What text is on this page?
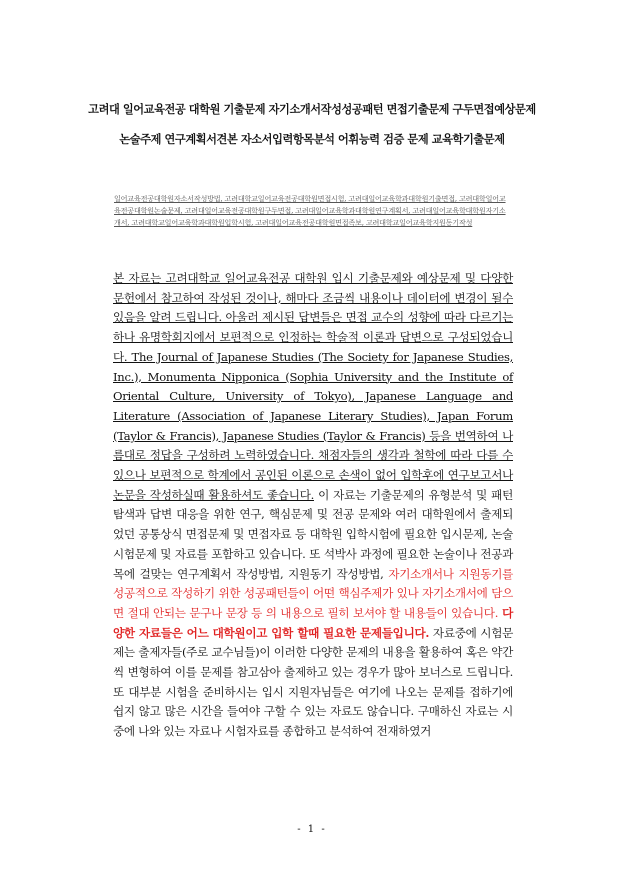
고려대 일어교육전공 대학원 기출문제 자기소개서작성성공패턴 면접기출문제 구두면접예상문제
논술주제 연구계획서견본 자소서입력항목분석 어휘능력 검증 문제 교육학기출문제
일어교육전공대학원자소서작성방법, 고려대학교일어교육전공대학원면접시험, 고려대일어교육학과대학원기출면접, 고려대학일어교육전공대학원논술문제, 고려대일어교육전공대학원구두면접, 고려대일어교육학과대학원연구계획서, 고려대일어교육학대학원자기소개서, 고려대학교일어교육학과대학원입학시험, 고려대일어교육전공대학원면접족보, 고려대학교일어교육학지원동기작성
본 자료는 고려대학교 일어교육전공 대학원 입시 기출문제와 예상문제 및 다양한 문헌에서 참고하여 작성된 것이나, 해마다 조금씩 내용이나 데이터에 변경이 될수 있음을 알려 드립니다. 아울러 제시된 답변들은 면접 교수의 성향에 따라 다르기는 하나 유명학회지에서 보편적으로 인정하는 학술적 이론과 답변으로 구성되었습니다. The Journal of Japanese Studies (The Society for Japanese Studies, Inc.), Monumenta Nipponica (Sophia University and the Institute of Oriental Culture, University of Tokyo), Japanese Language and Literature (Association of Japanese Literary Studies), Japan Forum (Taylor & Francis), Japanese Studies (Taylor & Francis) 등을 번역하여 나름대로 정답을 구성하려 노력하였습니다. 채점자들의 생각과 철학에 따라 다를 수 있으나 보편적으로 학계에서 공인된 이론으로 손색이 없어 입학후에 연구보고서나 논문을 작성하실때 활용하셔도 좋습니다. 이 자료는 기출문제의 유형분석 및 패턴탐색과 답변 대응을 위한 연구, 핵심문제 및 전공 문제와 여러 대학원에서 출제되었던 공통상식 면접문제 및 면접자료 등 대학원 입학시험에 필요한 입시문제, 논술시험문제 및 자료를 포함하고 있습니다. 또 석박사 과정에 필요한 논술이나 전공과목에 걸맞는 연구계획서 작성방법, 지원동기 작성방법, 자기소개서나 지원동기를 성공적으로 작성하기 위한 성공패턴들이 어떤 핵심주제가 있나 자기소개서에 담으면 절대 안되는 문구나 문장 등 의 내용으로 필히 보셔야 할 내용들이 있습니다. 다양한 자료들은 어느 대학원이고 입학 할때 필요한 문제들입니다. 자료중에 시험문제는 출제자들(주로 교수님들)이 이러한 다양한 문제의 내용을 활용하여 혹은 약간씩 변형하여 이를 문제를 참고삼아 출제하고 있는 경우가 많아 보너스로 드립니다. 또 대부분 시험을 준비하시는 입시 지원자님들은 여기에 나오는 문제를 접하기에 쉽지 않고 많은 시간을 들여야 구할 수 있는 자료도 않습니다. 구매하신 자료는 시중에 나와 있는 자료나 시험자료를 종합하고 분석하여 전재하였거
- 1 -
